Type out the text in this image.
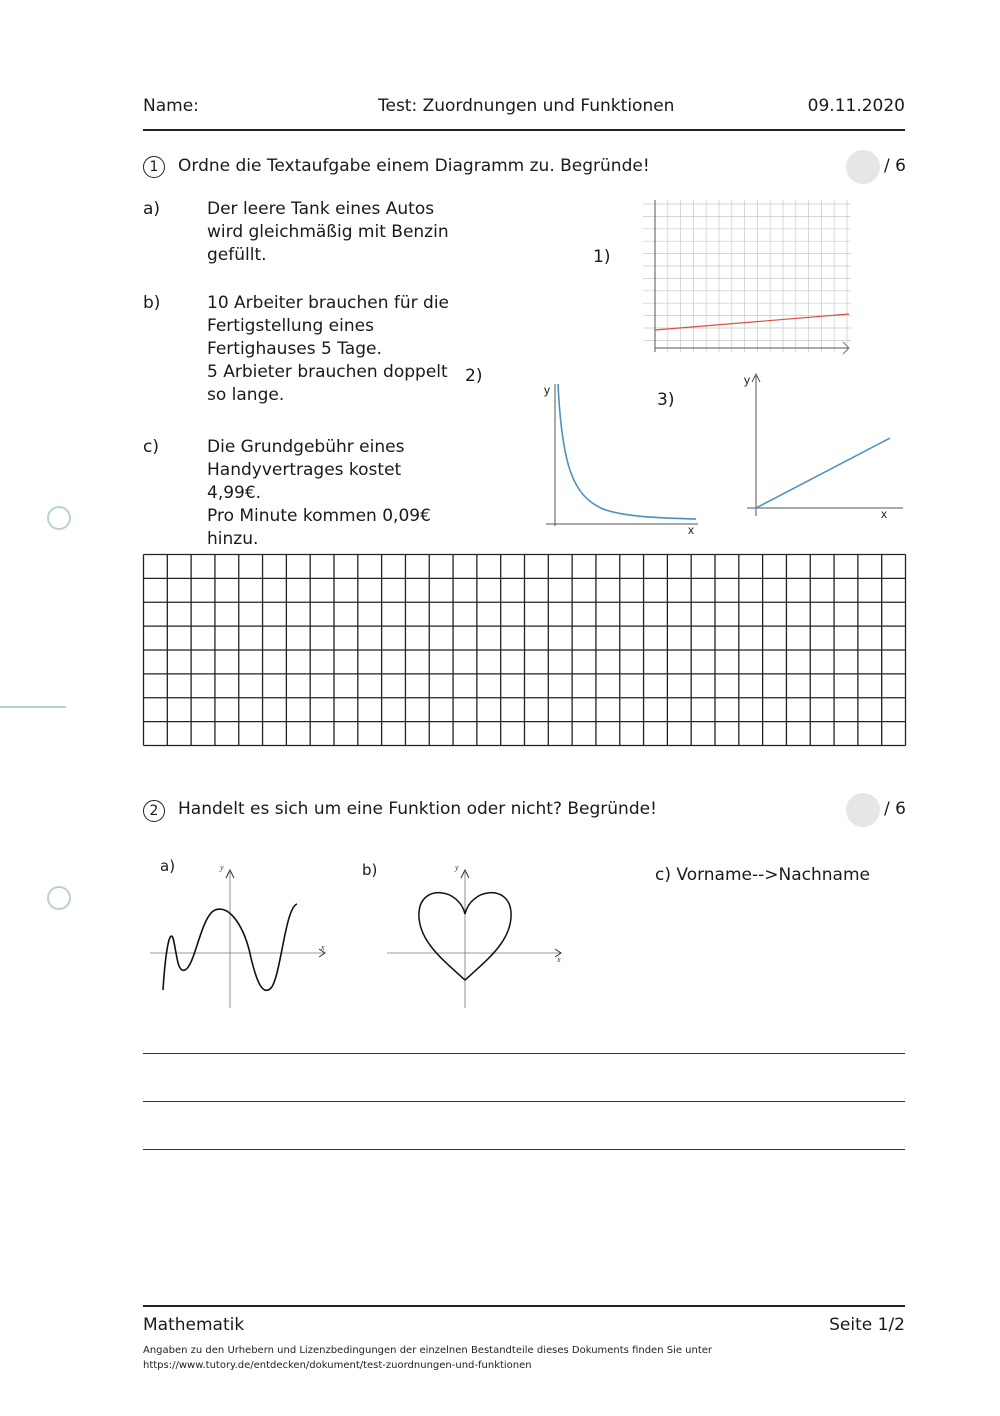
Name:	Test: Zuordnungen und Funktionen	09.11.2020
1	Ordne die Textaufgabe einem Diagramm zu. Begründe!	/ 6
a)	Der leere Tank eines Autos
wird gleichmäßig mit Benzin
gefüllt.
b)	10 Arbeiter brauchen für die
Fertigstellung eines
Fertighauses 5 Tage.
5 Arbieter brauchen doppelt
so lange.
c)	Die Grundgebühr eines
Handyvertrages kostet 4,99€.
Pro Minute kommen 0,09€
hinzu.
1)
2)
3)
y
x
y
x
2	Handelt es sich um eine Funktion oder nicht? Begründe!	/ 6
a)	b)	c) Vorname-->Nachname
y
x
y
x
Mathematik	Seite 1/2
Angaben zu den Urhebern und Lizenzbedingungen der einzelnen Bestandteile dieses Dokuments finden Sie unter
https://www.tutory.de/entdecken/dokument/test-zuordnungen-und-funktionen
